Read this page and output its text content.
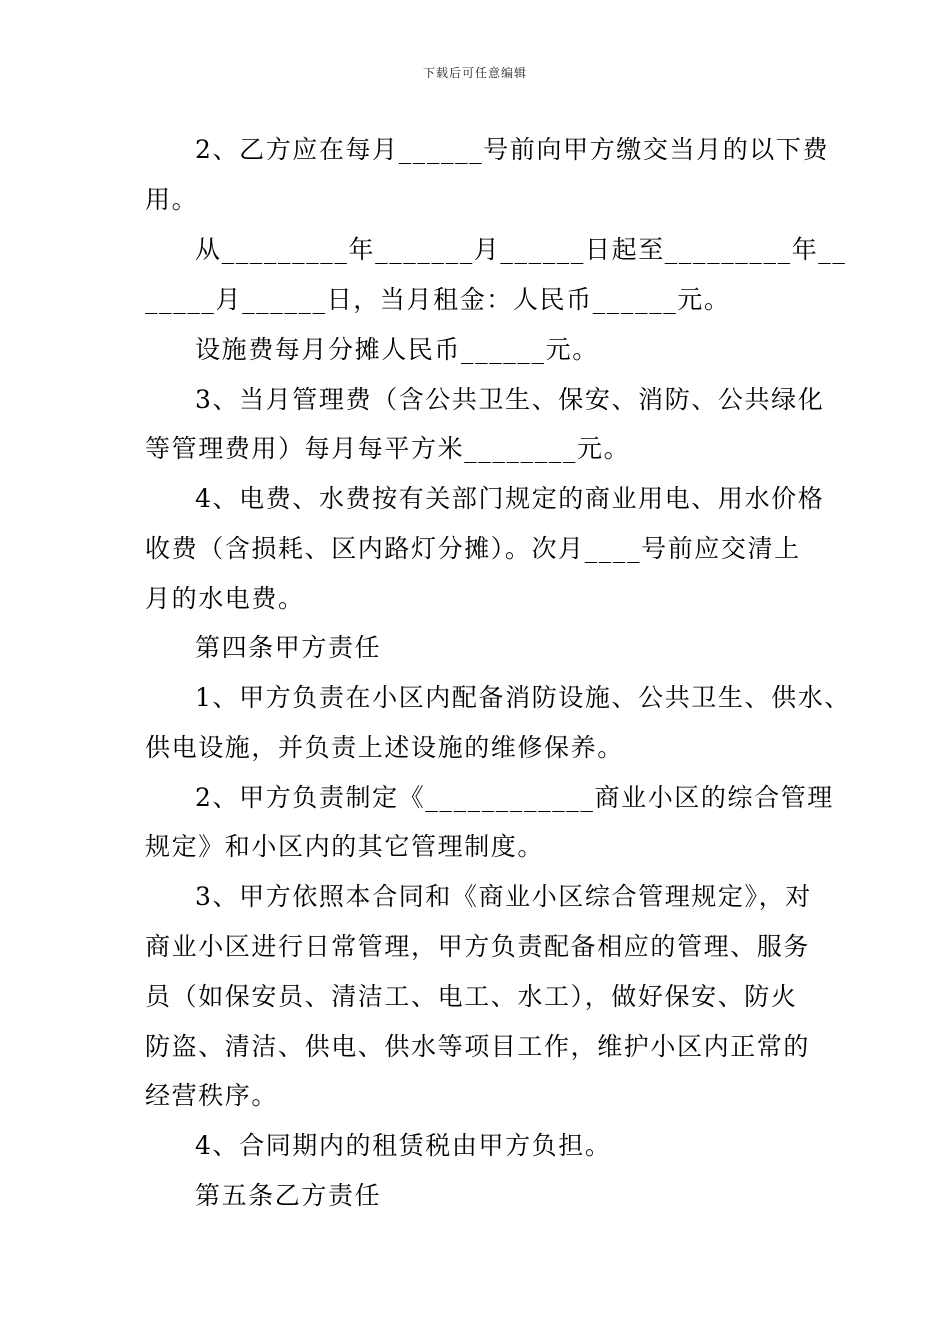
下载后可任意编辑
2、乙方应在每月______号前向甲方缴交当月的以下费
用。
从_________年_______月______日起至_________年__
_____月______日，当月租金：人民币______元。
设施费每月分摊人民币______元。
3、当月管理费（含公共卫生、保安、消防、公共绿化
等管理费用）每月每平方米________元。
4、电费、水费按有关部门规定的商业用电、用水价格
收费（含损耗、区内路灯分摊）。次月____号前应交清上
月的水电费。
第四条甲方责任
1、甲方负责在小区内配备消防设施、公共卫生、供水、
供电设施，并负责上述设施的维修保养。
2、甲方负责制定《____________商业小区的综合管理
规定》和小区内的其它管理制度。
3、甲方依照本合同和《商业小区综合管理规定》，对
商业小区进行日常管理，甲方负责配备相应的管理、服务
员（如保安员、清洁工、电工、水工），做好保安、防火
防盗、清洁、供电、供水等项目工作，维护小区内正常的
经营秩序。
4、合同期内的租赁税由甲方负担。
第五条乙方责任
